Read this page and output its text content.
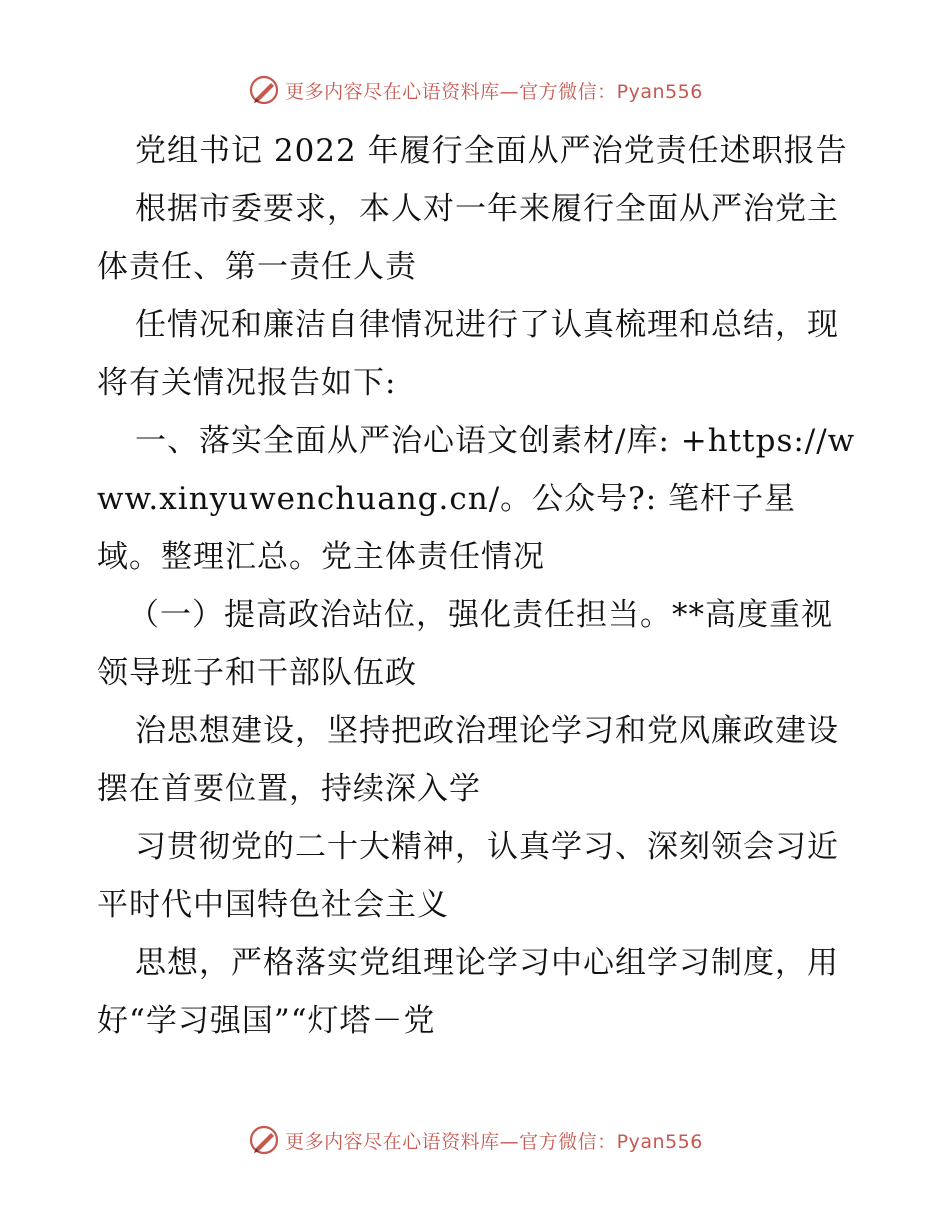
更多内容尽在心语资料库—官方微信：Pyan556

党组书记 2022 年履行全面从严治党责任述职报告

根据市委要求，本人对一年来履行全面从严治党主体责任、第一责任人责

任情况和廉洁自律情况进行了认真梳理和总结，现将有关情况报告如下:

一、落实全面从严治心语文创素材/库: +https://www.xinyuwenchuang.cn/。公众号?: 笔杆子星域。整理汇总。党主体责任情况

（一）提高政治站位，强化责任担当。**高度重视领导班子和干部队伍政

治思想建设，坚持把政治理论学习和党风廉政建设摆在首要位置，持续深入学

习贯彻党的二十大精神，认真学习、深刻领会习近平时代中国特色社会主义

思想，严格落实党组理论学习中心组学习制度，用好“学习强国”“灯塔－党

更多内容尽在心语资料库—官方微信：Pyan556
